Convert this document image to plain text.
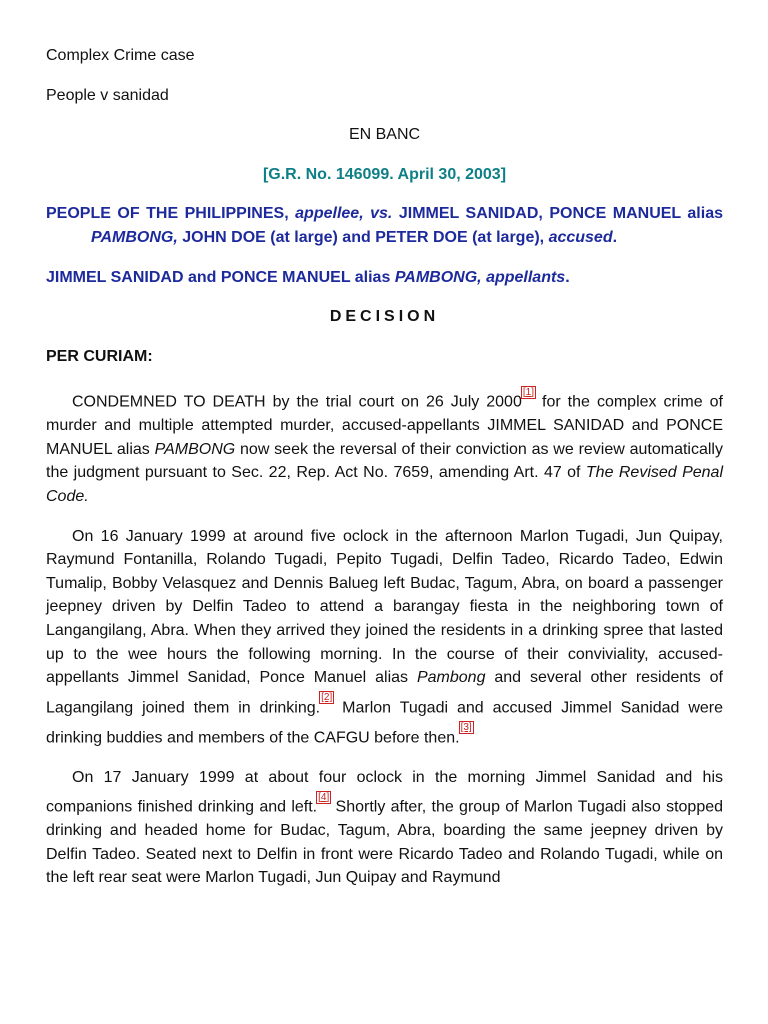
Complex Crime case

People v sanidad

EN BANC

[G.R. No. 146099. April 30, 2003]

PEOPLE OF THE PHILIPPINES, appellee, vs. JIMMEL SANIDAD, PONCE MANUEL alias PAMBONG, JOHN DOE (at large) and PETER DOE (at large), accused.

JIMMEL SANIDAD and PONCE MANUEL alias PAMBONG, appellants.

DECISION

PER CURIAM:

CONDEMNED TO DEATH by the trial court on 26 July 2000[1] for the complex crime of murder and multiple attempted murder, accused-appellants JIMMEL SANIDAD and PONCE MANUEL alias PAMBONG now seek the reversal of their conviction as we review automatically the judgment pursuant to Sec. 22, Rep. Act No. 7659, amending Art. 47 of The Revised Penal Code.

On 16 January 1999 at around five oclock in the afternoon Marlon Tugadi, Jun Quipay, Raymund Fontanilla, Rolando Tugadi, Pepito Tugadi, Delfin Tadeo, Ricardo Tadeo, Edwin Tumalip, Bobby Velasquez and Dennis Balueg left Budac, Tagum, Abra, on board a passenger jeepney driven by Delfin Tadeo to attend a barangay fiesta in the neighboring town of Langangilang, Abra. When they arrived they joined the residents in a drinking spree that lasted up to the wee hours the following morning. In the course of their conviviality, accused-appellants Jimmel Sanidad, Ponce Manuel alias Pambong and several other residents of Lagangilang joined them in drinking.[2] Marlon Tugadi and accused Jimmel Sanidad were drinking buddies and members of the CAFGU before then.[3]

On 17 January 1999 at about four oclock in the morning Jimmel Sanidad and his companions finished drinking and left.[4] Shortly after, the group of Marlon Tugadi also stopped drinking and headed home for Budac, Tagum, Abra, boarding the same jeepney driven by Delfin Tadeo. Seated next to Delfin in front were Ricardo Tadeo and Rolando Tugadi, while on the left rear seat were Marlon Tugadi, Jun Quipay and Raymund
